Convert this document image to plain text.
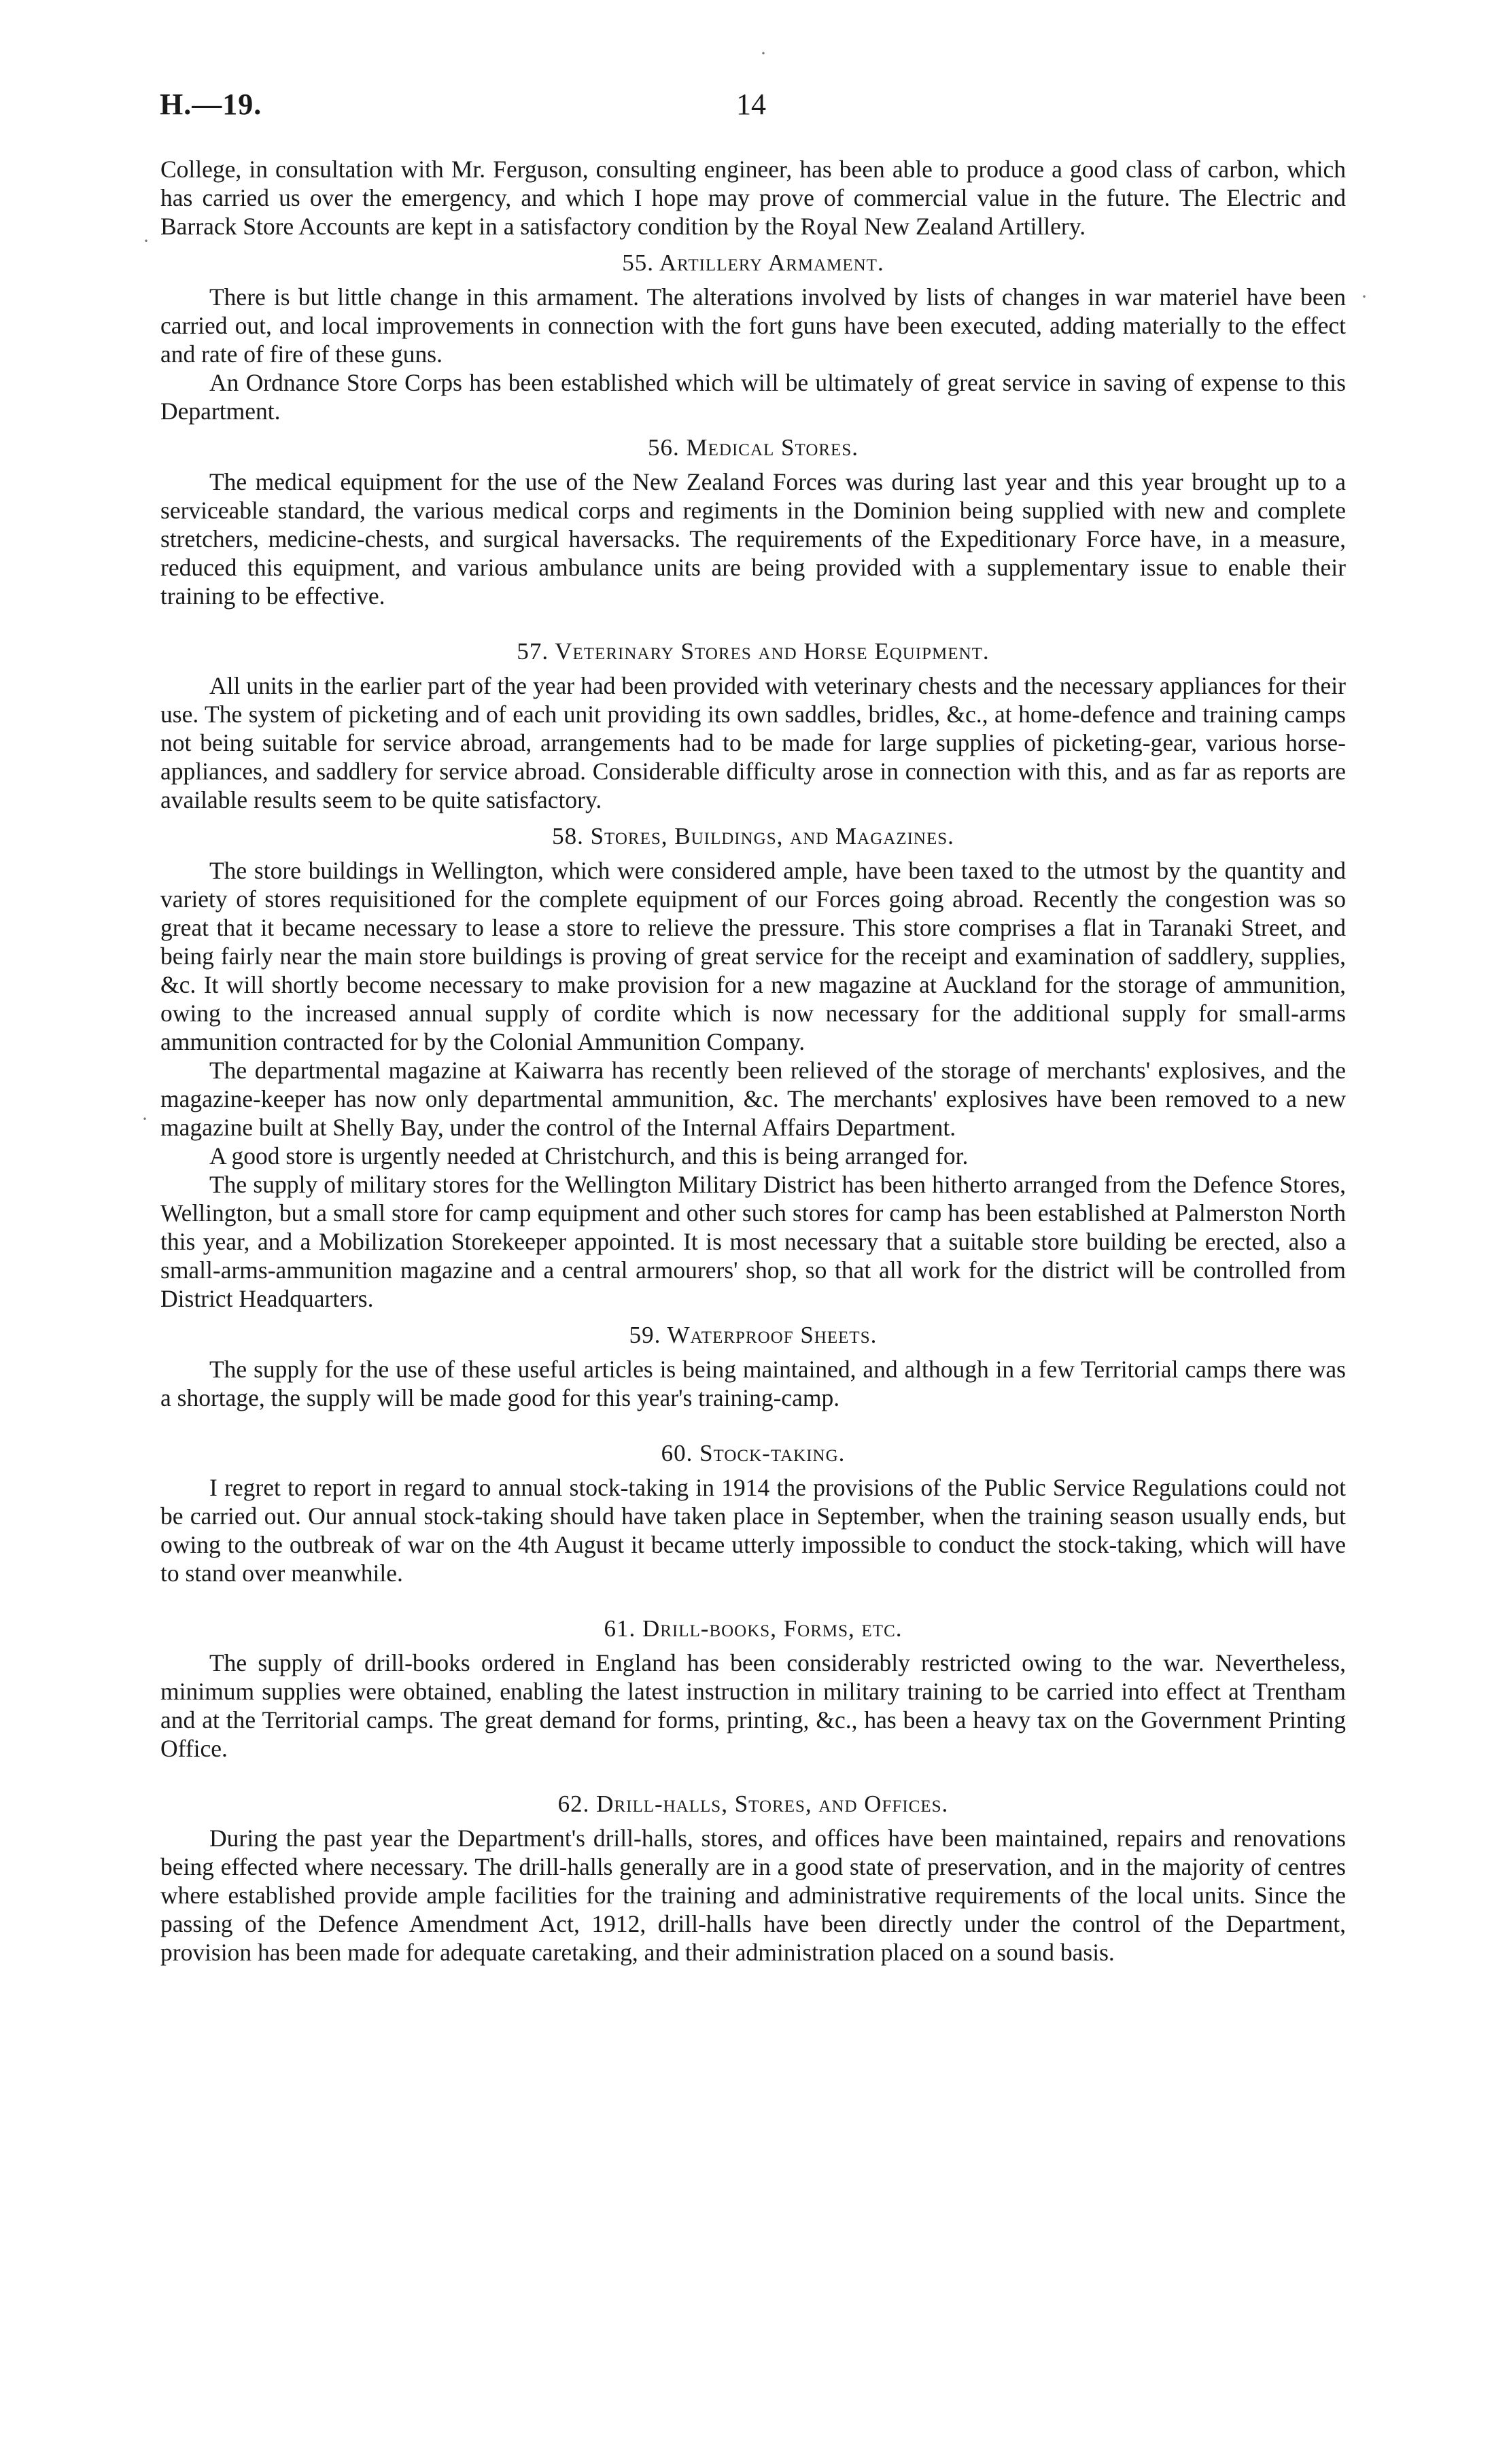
H.—19.	14
·
·
·
·

College, in consultation with Mr. Ferguson, consulting engineer, has been able to produce a good class of carbon, which has carried us over the emergency, and which I hope may prove of commercial value in the future. The Electric and Barrack Store Accounts are kept in a satisfactory condition by the Royal New Zealand Artillery.

55. Artillery Armament.

There is but little change in this armament. The alterations involved by lists of changes in war materiel have been carried out, and local improvements in connection with the fort guns have been executed, adding materially to the effect and rate of fire of these guns.

An Ordnance Store Corps has been established which will be ultimately of great service in saving of expense to this Department.

56. Medical Stores.

The medical equipment for the use of the New Zealand Forces was during last year and this year brought up to a serviceable standard, the various medical corps and regiments in the Dominion being supplied with new and complete stretchers, medicine-chests, and surgical haversacks. The requirements of the Expeditionary Force have, in a measure, reduced this equipment, and various ambulance units are being provided with a supplementary issue to enable their training to be effective.

57. Veterinary Stores and Horse Equipment.

All units in the earlier part of the year had been provided with veterinary chests and the necessary appliances for their use. The system of picketing and of each unit providing its own saddles, bridles, &c., at home-defence and training camps not being suitable for service abroad, arrangements had to be made for large supplies of picketing-gear, various horse-appliances, and saddlery for service abroad. Considerable difficulty arose in connection with this, and as far as reports are available results seem to be quite satisfactory.

58. Stores, Buildings, and Magazines.

The store buildings in Wellington, which were considered ample, have been taxed to the utmost by the quantity and variety of stores requisitioned for the complete equipment of our Forces going abroad. Recently the congestion was so great that it became necessary to lease a store to relieve the pressure. This store comprises a flat in Taranaki Street, and being fairly near the main store buildings is proving of great service for the receipt and examination of saddlery, supplies, &c. It will shortly become necessary to make provision for a new magazine at Auckland for the storage of ammunition, owing to the increased annual supply of cordite which is now necessary for the additional supply for small-arms ammunition contracted for by the Colonial Ammunition Company.

The departmental magazine at Kaiwarra has recently been relieved of the storage of merchants' explosives, and the magazine-keeper has now only departmental ammunition, &c. The merchants' explosives have been removed to a new magazine built at Shelly Bay, under the control of the Internal Affairs Department.

A good store is urgently needed at Christchurch, and this is being arranged for.

The supply of military stores for the Wellington Military District has been hitherto arranged from the Defence Stores, Wellington, but a small store for camp equipment and other such stores for camp has been established at Palmerston North this year, and a Mobilization Storekeeper appointed. It is most necessary that a suitable store building be erected, also a small-arms-ammunition magazine and a central armourers' shop, so that all work for the district will be controlled from District Headquarters.

59. Waterproof Sheets.

The supply for the use of these useful articles is being maintained, and although in a few Territorial camps there was a shortage, the supply will be made good for this year's training-camp.

60. Stock-taking.

I regret to report in regard to annual stock-taking in 1914 the provisions of the Public Service Regulations could not be carried out. Our annual stock-taking should have taken place in September, when the training season usually ends, but owing to the outbreak of war on the 4th August it became utterly impossible to conduct the stock-taking, which will have to stand over meanwhile.

61. Drill-books, Forms, etc.

The supply of drill-books ordered in England has been considerably restricted owing to the war. Nevertheless, minimum supplies were obtained, enabling the latest instruction in military training to be carried into effect at Trentham and at the Territorial camps. The great demand for forms, printing, &c., has been a heavy tax on the Government Printing Office.

62. Drill-halls, Stores, and Offices.

During the past year the Department's drill-halls, stores, and offices have been maintained, repairs and renovations being effected where necessary. The drill-halls generally are in a good state of preservation, and in the majority of centres where established provide ample facilities for the training and administrative requirements of the local units. Since the passing of the Defence Amendment Act, 1912, drill-halls have been directly under the control of the Department, provision has been made for adequate caretaking, and their administration placed on a sound basis.
